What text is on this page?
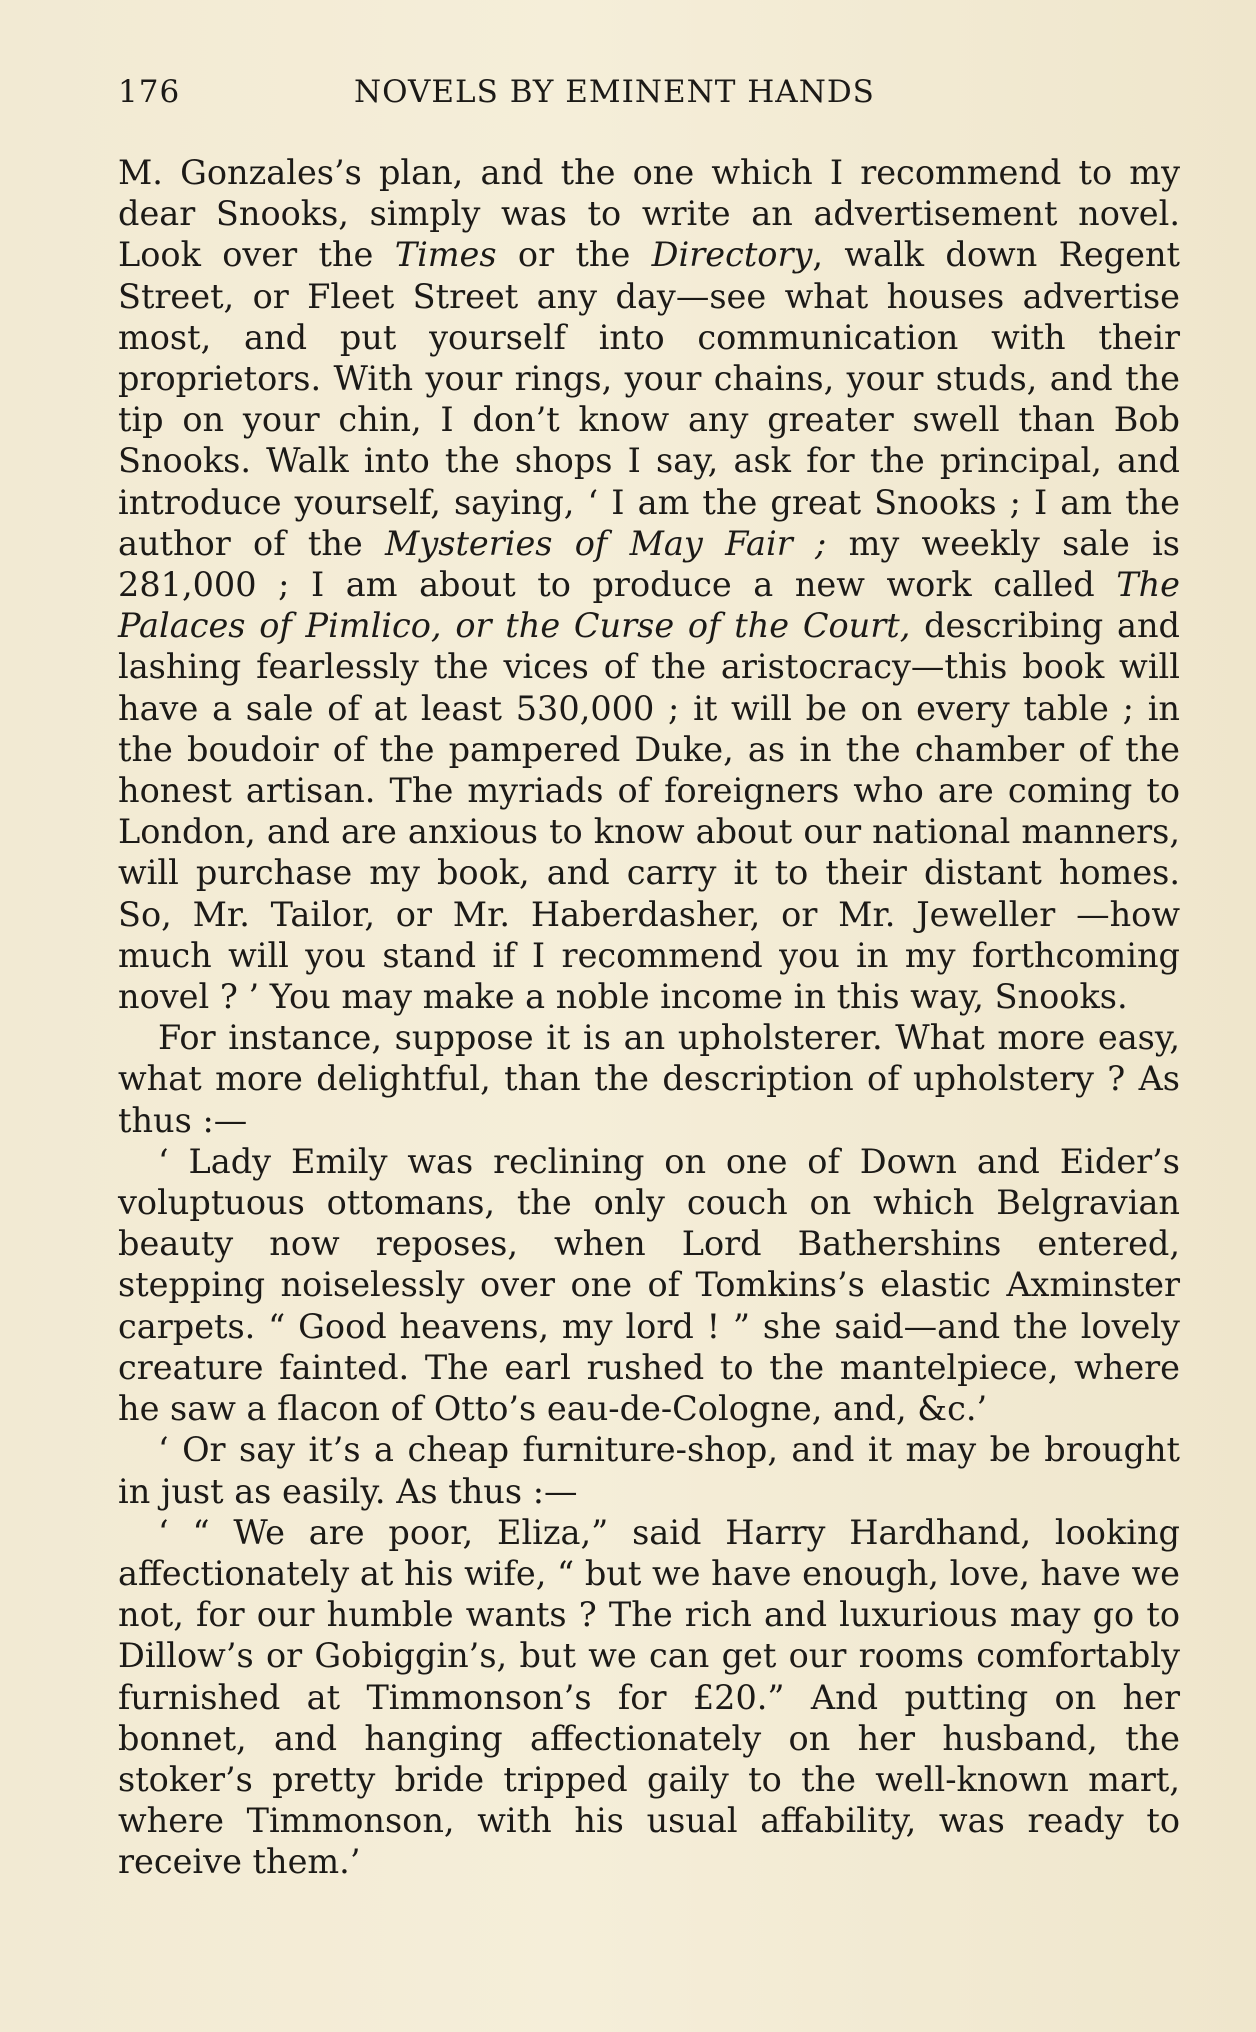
176	NOVELS BY EMINENT HANDS

M. Gonzales’s plan, and the one which I recommend to my dear Snooks, simply was to write an advertisement novel. Look over the Times or the Directory, walk down Regent Street, or Fleet Street any day—see what houses advertise most, and put yourself into communication with their proprietors. With your rings, your chains, your studs, and the tip on your chin, I don’t know any greater swell than Bob Snooks. Walk into the shops I say, ask for the principal, and introduce yourself, saying, ‘ I am the great Snooks ; I am the author of the Mysteries of May Fair ; my weekly sale is 281,000 ; I am about to produce a new work called The Palaces of Pimlico, or the Curse of the Court, describing and lashing fearlessly the vices of the aristocracy—this book will have a sale of at least 530,000 ; it will be on every table ; in the boudoir of the pampered Duke, as in the chamber of the honest artisan. The myriads of foreigners who are coming to London, and are anxious to know about our national manners, will purchase my book, and carry it to their distant homes. So, Mr. Tailor, or Mr. Haberdasher, or Mr. Jeweller —how much will you stand if I recommend you in my forthcoming novel ? ’ You may make a noble income in this way, Snooks.

For instance, suppose it is an upholsterer. What more easy, what more delightful, than the description of upholstery ? As thus :—

‘ Lady Emily was reclining on one of Down and Eider’s voluptuous ottomans, the only couch on which Belgravian beauty now reposes, when Lord Bathershins entered, stepping noiselessly over one of Tomkins’s elastic Axminster carpets. “ Good heavens, my lord ! ” she said—and the lovely creature fainted. The earl rushed to the mantelpiece, where he saw a flacon of Otto’s eau-de-Cologne, and, &c.’

‘ Or say it’s a cheap furniture-shop, and it may be brought in just as easily. As thus :—

‘ “ We are poor, Eliza,” said Harry Hardhand, looking affectionately at his wife, “ but we have enough, love, have we not, for our humble wants ? The rich and luxurious may go to Dillow’s or Gobiggin’s, but we can get our rooms comfortably furnished at Timmonson’s for £20.” And putting on her bonnet, and hanging affectionately on her husband, the stoker’s pretty bride tripped gaily to the well-known mart, where Timmonson, with his usual affability, was ready to receive them.’
